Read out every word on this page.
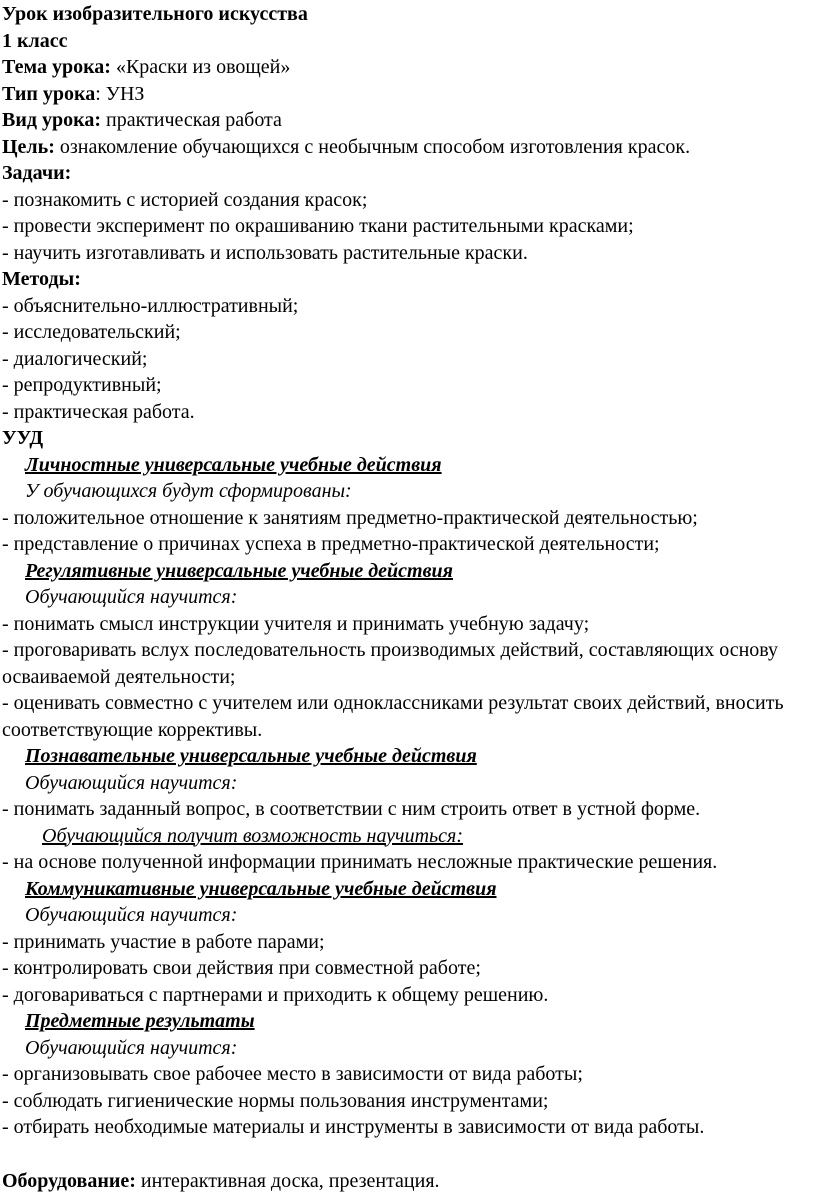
Урок изобразительного искусства
1 класс
Тема урока: «Краски из овощей»
Тип урока: УНЗ
Вид урока: практическая работа
Цель: ознакомление обучающихся с необычным способом изготовления красок.
Задачи:
- познакомить с историей создания красок;
- провести эксперимент по окрашиванию ткани растительными красками;
- научить изготавливать и использовать растительные краски.
Методы:
- объяснительно-иллюстративный;
- исследовательский;
- диалогический;
- репродуктивный;
- практическая работа.
УУД
Личностные универсальные учебные действия
У обучающихся будут сформированы:
- положительное отношение к занятиям предметно-практической деятельностью;
- представление о причинах успеха в предметно-практической деятельности;
Регулятивные универсальные учебные действия
Обучающийся научится:
- понимать смысл инструкции учителя и принимать учебную задачу;
- проговаривать вслух последовательность производимых действий, составляющих основу осваиваемой деятельности;
- оценивать совместно с учителем или одноклассниками результат своих действий, вносить соответствующие коррективы.
Познавательные универсальные учебные действия
Обучающийся научится:
- понимать заданный вопрос, в соответствии с ним строить ответ в устной форме.
Обучающийся получит возможность научиться:
- на основе полученной информации принимать несложные практические решения.
Коммуникативные универсальные учебные действия
Обучающийся научится:
- принимать участие в работе парами;
- контролировать свои действия при совместной работе;
- договариваться с партнерами и приходить к общему решению.
Предметные результаты
Обучающийся научится:
- организовывать свое рабочее место в зависимости от вида работы;
- соблюдать гигиенические нормы пользования инструментами;
- отбирать необходимые материалы и инструменты в зависимости от вида работы.
Оборудование: интерактивная доска, презентация.
